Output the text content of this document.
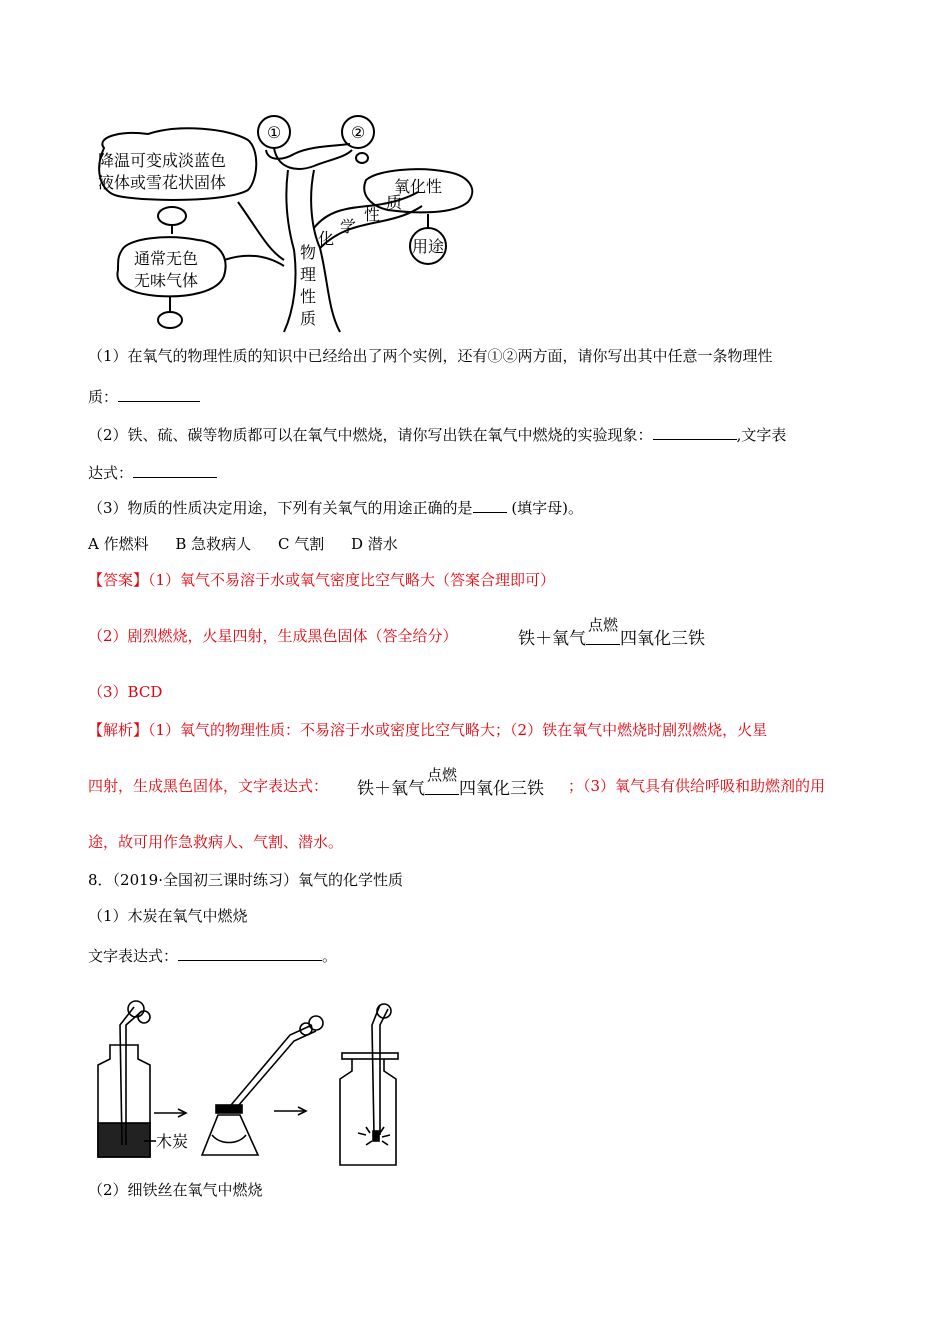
①	②
降温可变成淡蓝色
液体或雪花状固体
通常无色
无味气体
物
理
性
质
化
学
性
质
氧化性
用途
（1）在氧气的物理性质的知识中已经给出了两个实例，还有①②两方面，请你写出其中任意一条物理性
质：
（2）铁、硫、碳等物质都可以在氧气中燃烧，请你写出铁在氧气中燃烧的实验现象：	,文字表
达式：
（3）物质的性质决定用途，下列有关氧气的用途正确的是	(填字母)。
A 作燃料 B 急救病人 C 气割 D 潜水
【答案】（1）氧气不易溶于水或氧气密度比空气略大（答案合理即可）
（2）剧烈燃烧，火星四射，生成黑色固体（答全给分）	铁＋氧气
点燃
四氧化三铁
（3）BCD
【解析】（1）氧气的物理性质：不易溶于水或密度比空气略大；（2）铁在氧气中燃烧时剧烈燃烧，火星
四射，生成黑色固体，文字表达式： 铁＋氧气
点燃
四氧化三铁 ；（3）氧气具有供给呼吸和助燃剂的用
途，故可用作急救病人、气割、潜水。
8．（2019·全国初三课时练习）氧气的化学性质
（1）木炭在氧气中燃烧
文字表达式：	。
木炭
（2）细铁丝在氧气中燃烧
